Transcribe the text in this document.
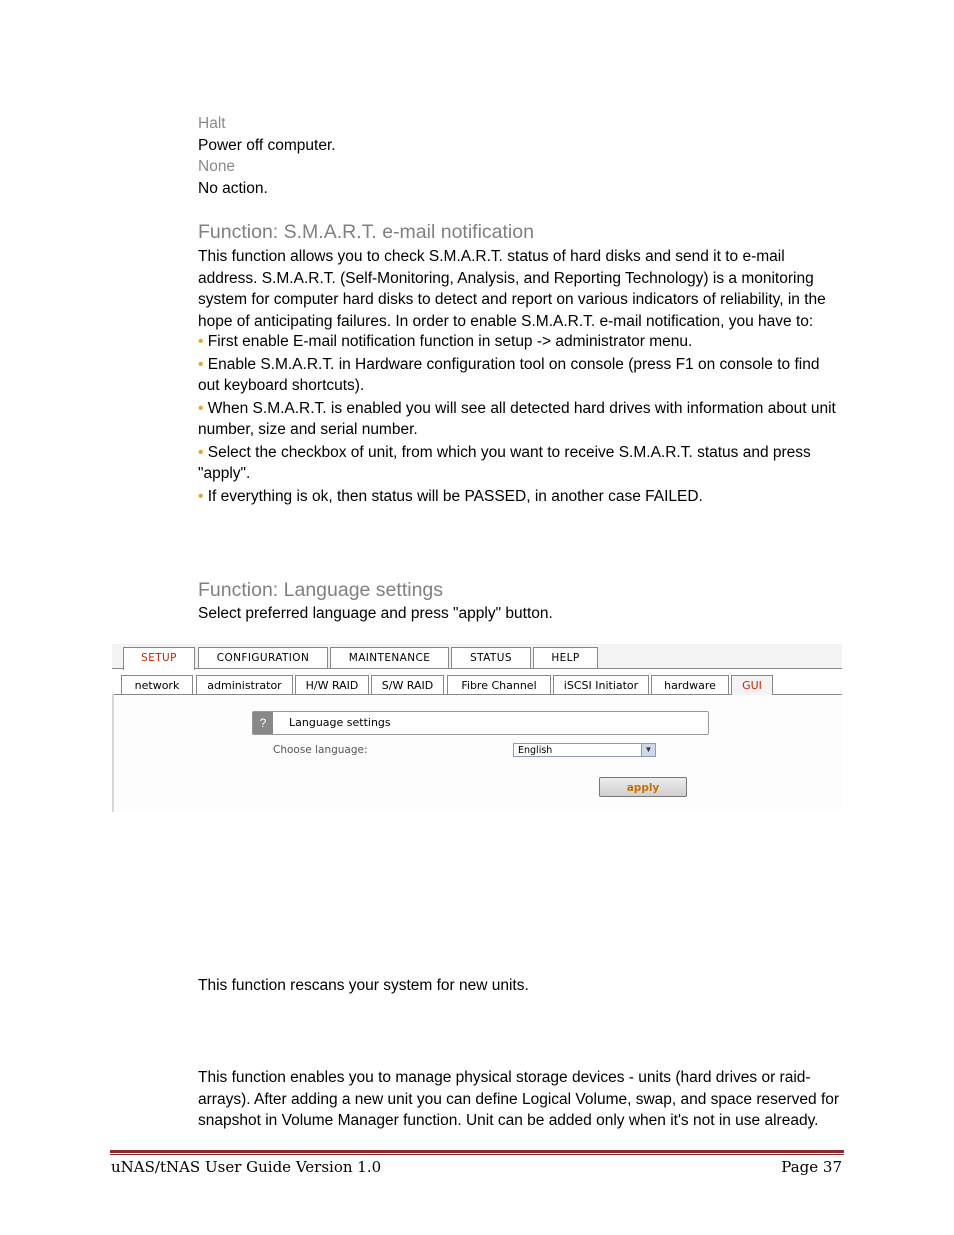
Halt
Power off computer.
None
No action.
Function: S.M.A.R.T. e-mail notification
This function allows you to check S.M.A.R.T. status of hard disks and send it to e-mail
address. S.M.A.R.T. (Self-Monitoring, Analysis, and Reporting Technology) is a monitoring
system for computer hard disks to detect and report on various indicators of reliability, in the
hope of anticipating failures. In order to enable S.M.A.R.T. e-mail notification, you have to:
• First enable E-mail notification function in setup -> administrator menu.
• Enable S.M.A.R.T. in Hardware configuration tool on console (press F1 on console to find
out keyboard shortcuts).
• When S.M.A.R.T. is enabled you will see all detected hard drives with information about unit
number, size and serial number.
• Select the checkbox of unit, from which you want to receive S.M.A.R.T. status and press
"apply".
• If everything is ok, then status will be PASSED, in another case FAILED.
Function: Language settings
Select preferred language and press "apply" button.
SETUP	CONFIGURATION	MAINTENANCE	STATUS	HELP
network	administrator	H/W RAID	S/W RAID	Fibre Channel	iSCSI Initiator	hardware	GUI
?	Language settings
Choose language:	English	▼
apply
This function rescans your system for new units.
This function enables you to manage physical storage devices - units (hard drives or raid-
arrays). After adding a new unit you can define Logical Volume, swap, and space reserved for
snapshot in Volume Manager function. Unit can be added only when it's not in use already.
uNAS/tNAS User Guide Version 1.0	Page 37
